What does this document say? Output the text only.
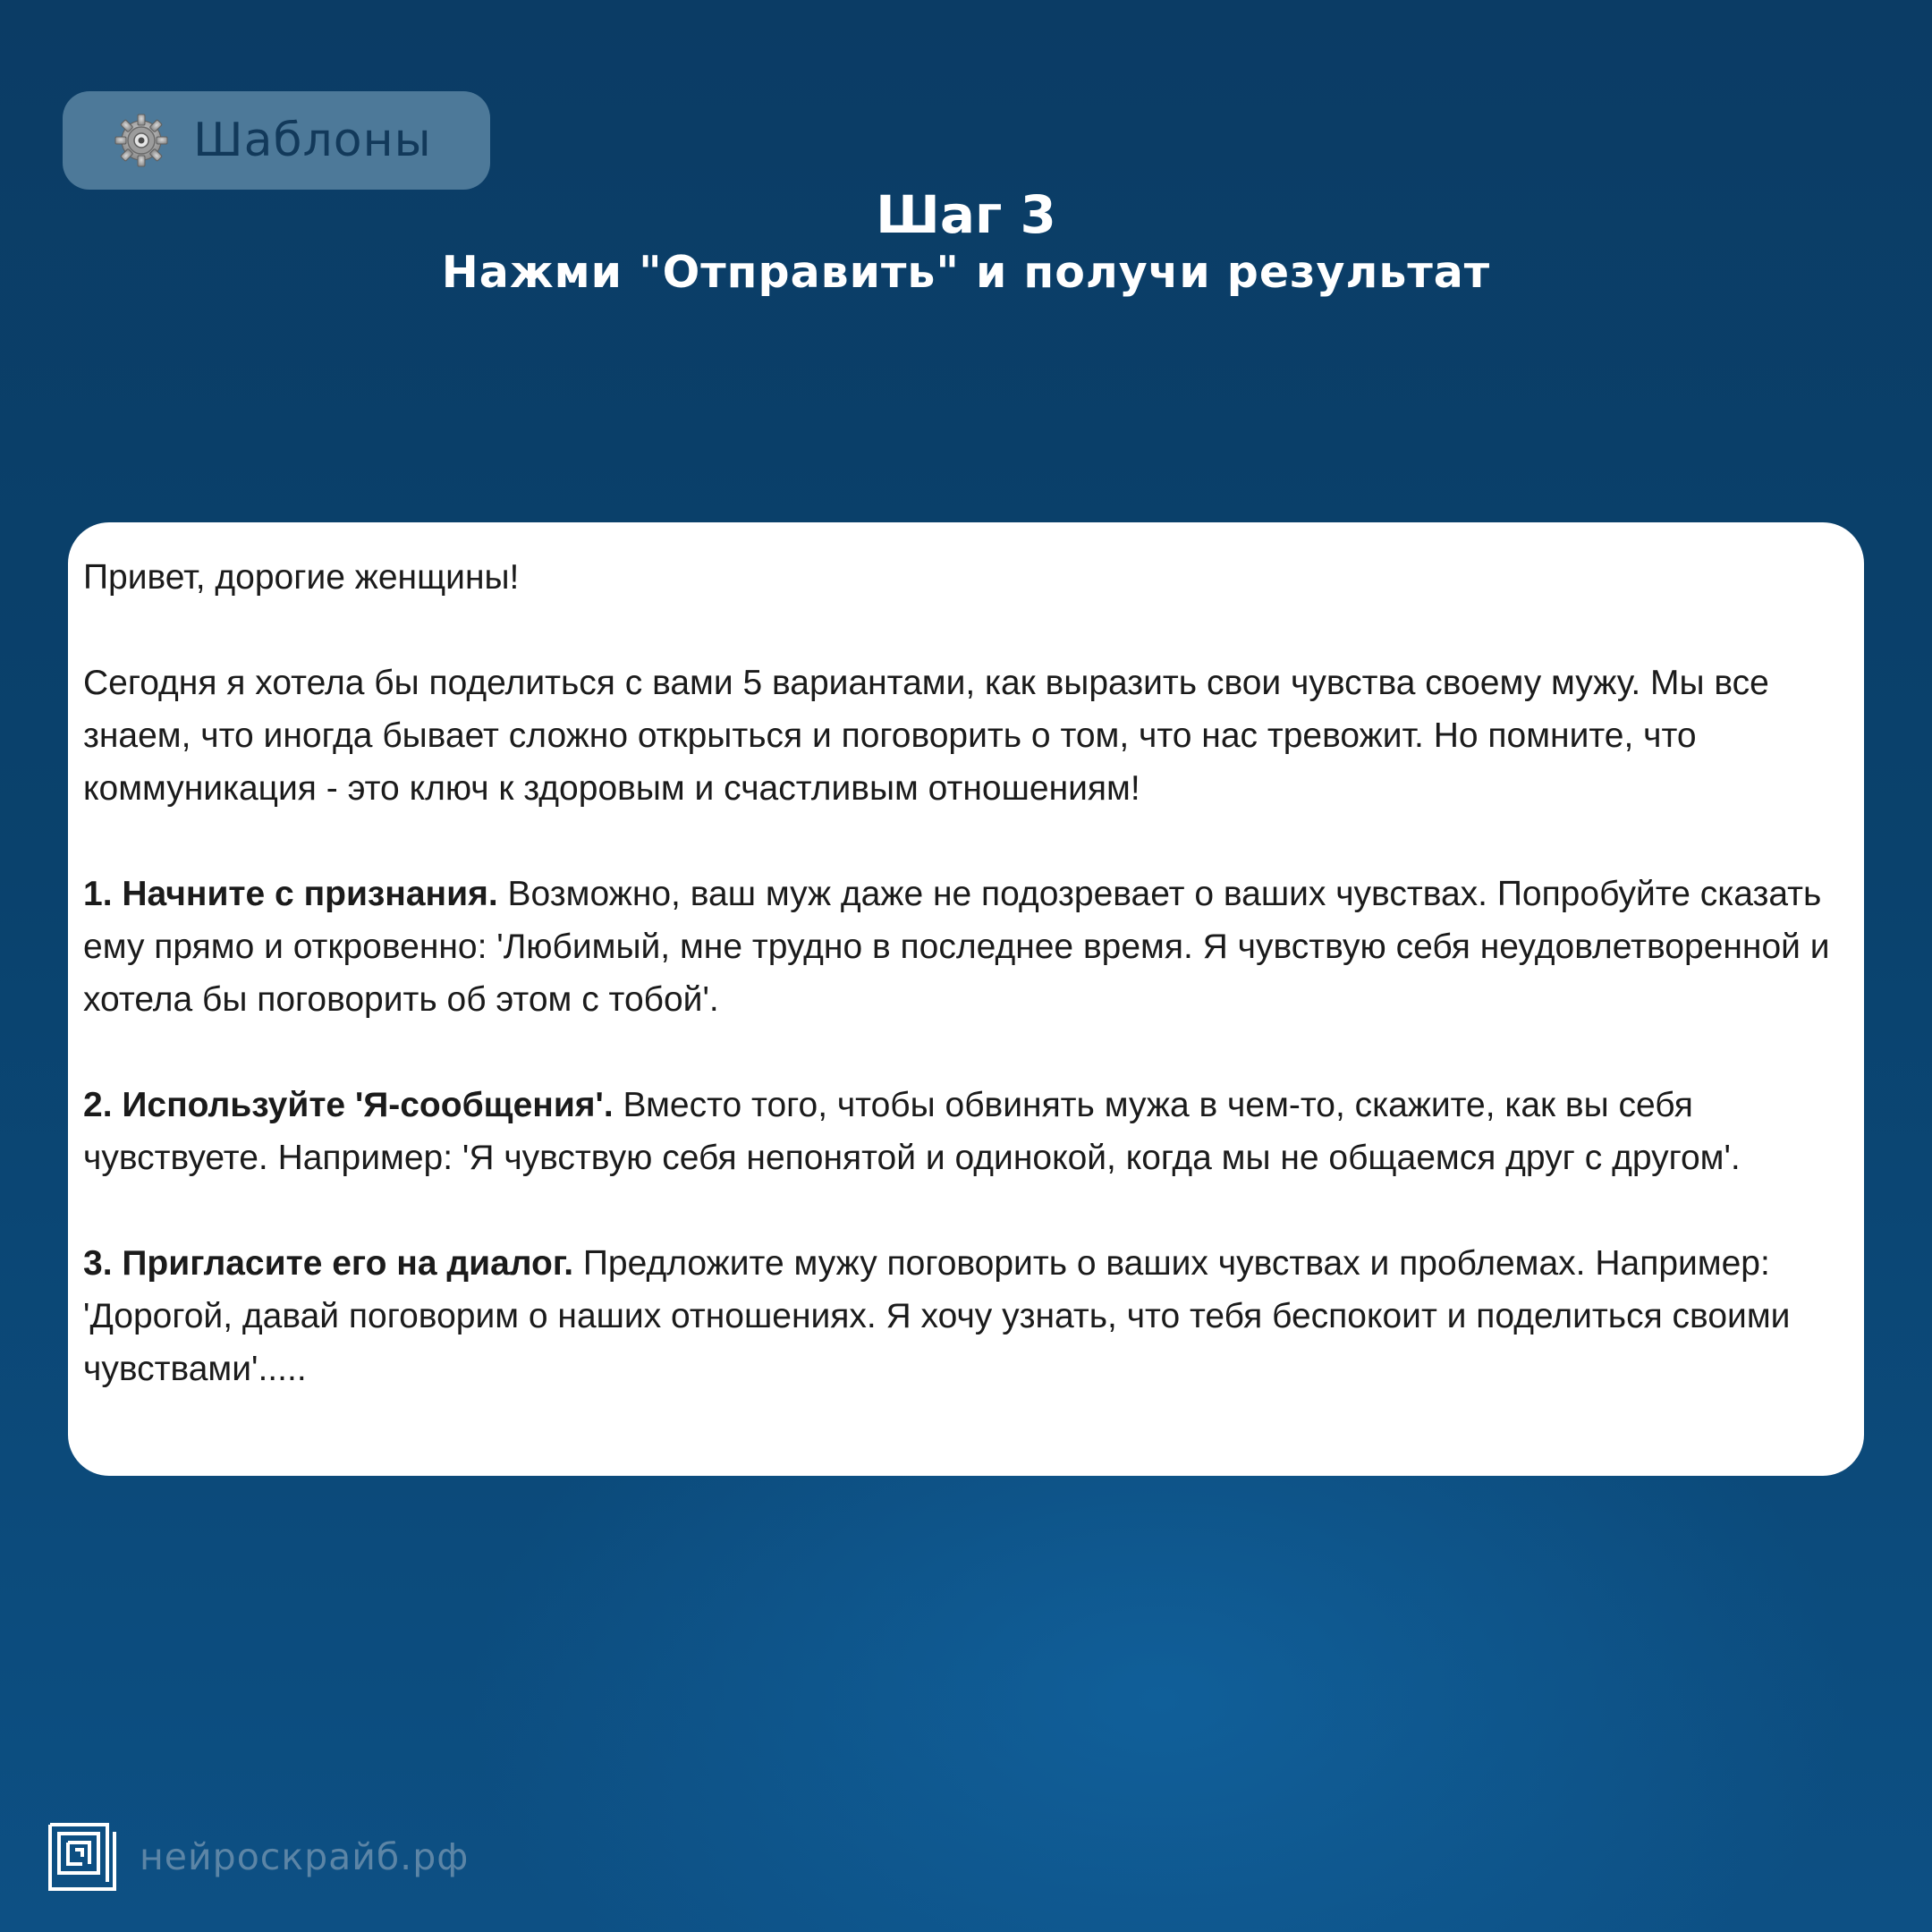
Шаблоны
Шаг 3
Нажми "Отправить" и получи результат

Привет, дорогие женщины!

Сегодня я хотела бы поделиться с вами 5 вариантами, как выразить свои чувства своему мужу. Мы все знаем, что иногда бывает сложно открыться и поговорить о том, что нас тревожит. Но помните, что коммуникация - это ключ к здоровым и счастливым отношениям!

1. Начните с признания. Возможно, ваш муж даже не подозревает о ваших чувствах. Попробуйте сказать ему прямо и откровенно: 'Любимый, мне трудно в последнее время. Я чувствую себя неудовлетворенной и хотела бы поговорить об этом с тобой'.

2. Используйте 'Я-сообщения'. Вместо того, чтобы обвинять мужа в чем-то, скажите, как вы себя чувствуете. Например: 'Я чувствую себя непонятой и одинокой, когда мы не общаемся друг с другом'.

3. Пригласите его на диалог. Предложите мужу поговорить о ваших чувствах и проблемах. Например: 'Дорогой, давай поговорим о наших отношениях. Я хочу узнать, что тебя беспокоит и поделиться своими чувствами'.....

нейроскрайб.рф
